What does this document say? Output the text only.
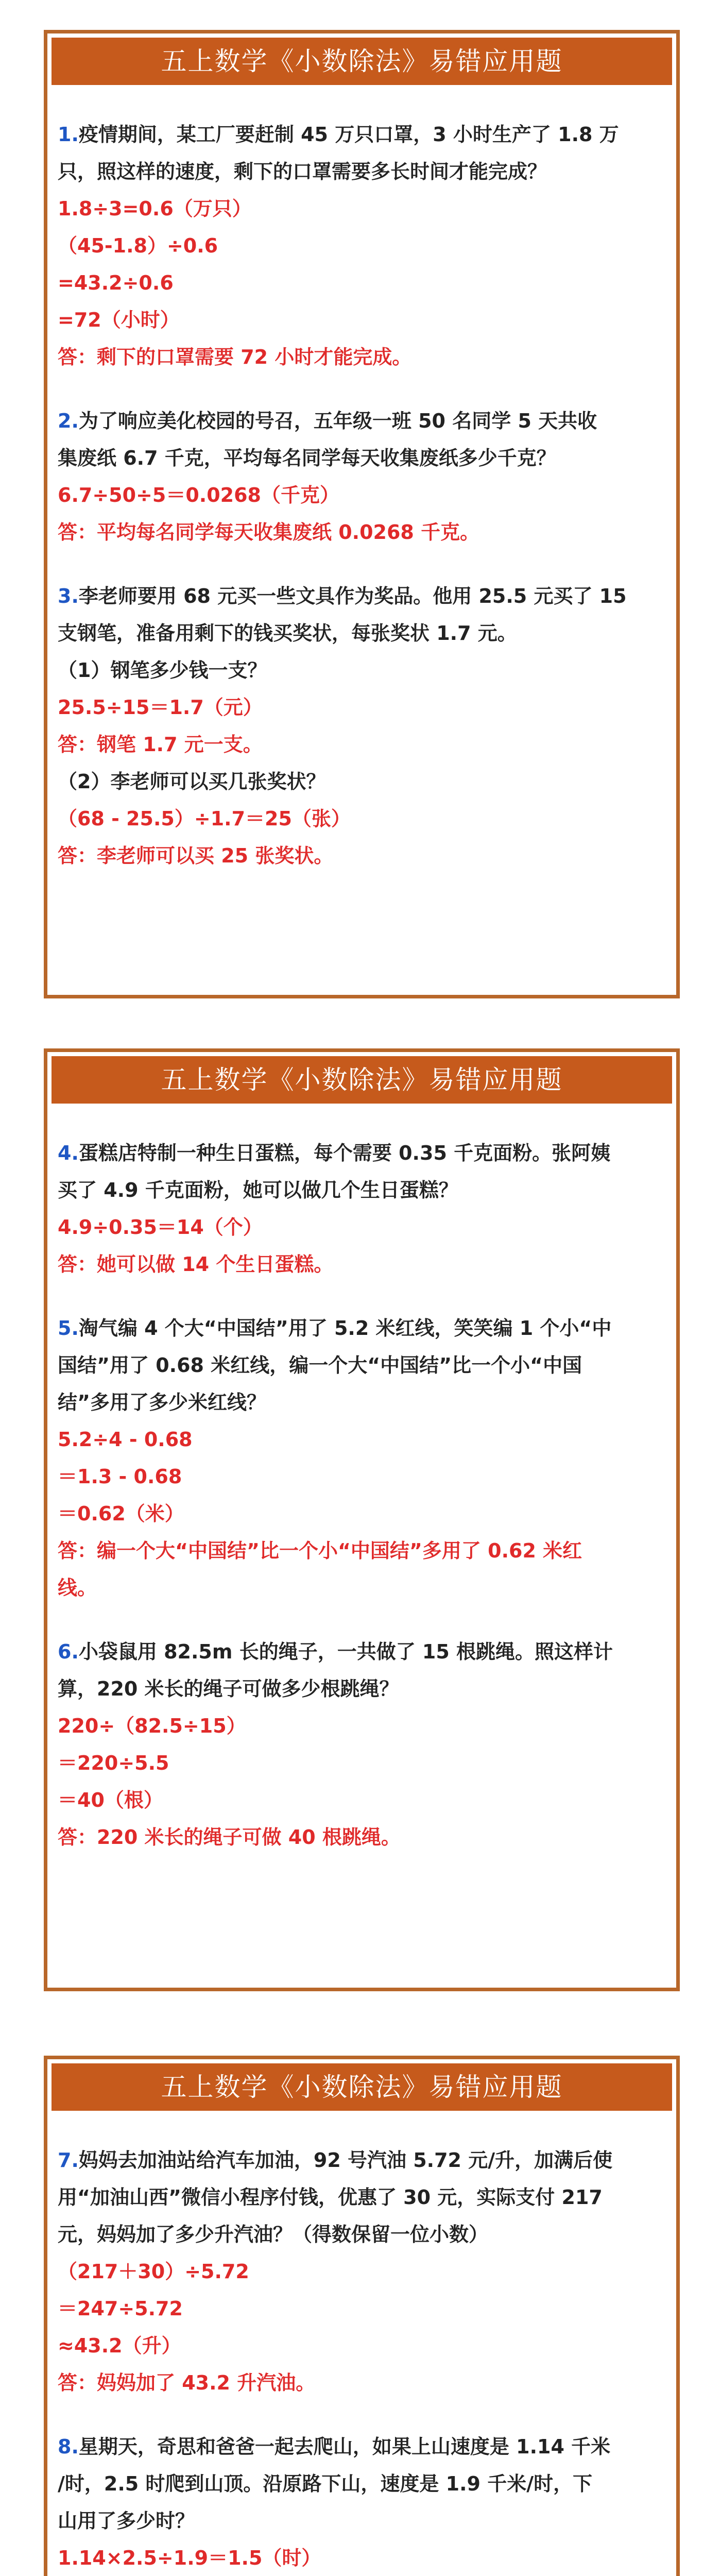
五上数学《小数除法》易错应用题
1.疫情期间，某工厂要赶制 45 万只口罩，3 小时生产了 1.8 万
只，照这样的速度，剩下的口罩需要多长时间才能完成？
1.8÷3=0.6（万只）
（45-1.8）÷0.6
=43.2÷0.6
=72（小时）
答：剩下的口罩需要 72 小时才能完成。
2.为了响应美化校园的号召，五年级一班 50 名同学 5 天共收
集废纸 6.7 千克，平均每名同学每天收集废纸多少千克？
6.7÷50÷5＝0.0268（千克）
答：平均每名同学每天收集废纸 0.0268 千克。
3.李老师要用 68 元买一些文具作为奖品。他用 25.5 元买了 15
支钢笔，准备用剩下的钱买奖状，每张奖状 1.7 元。
（1）钢笔多少钱一支？
25.5÷15＝1.7（元）
答：钢笔 1.7 元一支。
（2）李老师可以买几张奖状？
（68 - 25.5）÷1.7＝25（张）
答：李老师可以买 25 张奖状。
五上数学《小数除法》易错应用题
4.蛋糕店特制一种生日蛋糕，每个需要 0.35 千克面粉。张阿姨
买了 4.9 千克面粉，她可以做几个生日蛋糕？
4.9÷0.35＝14（个）
答：她可以做 14 个生日蛋糕。
5.淘气编 4 个大“中国结”用了 5.2 米红线，笑笑编 1 个小“中
国结”用了 0.68 米红线，编一个大“中国结”比一个小“中国
结”多用了多少米红线？
5.2÷4 - 0.68
＝1.3 - 0.68
＝0.62（米）
答：编一个大“中国结”比一个小“中国结”多用了 0.62 米红
线。
6.小袋鼠用 82.5m 长的绳子，一共做了 15 根跳绳。照这样计
算，220 米长的绳子可做多少根跳绳？
220÷（82.5÷15）
＝220÷5.5
＝40（根）
答：220 米长的绳子可做 40 根跳绳。
五上数学《小数除法》易错应用题
7.妈妈去加油站给汽车加油，92 号汽油 5.72 元/升，加满后使
用“加油山西”微信小程序付钱，优惠了 30 元，实际支付 217
元，妈妈加了多少升汽油？（得数保留一位小数）
（217＋30）÷5.72
＝247÷5.72
≈43.2（升）
答：妈妈加了 43.2 升汽油。
8.星期天，奇思和爸爸一起去爬山，如果上山速度是 1.14 千米
/时，2.5 时爬到山顶。沿原路下山，速度是 1.9 千米/时，下
山用了多少时？
1.14×2.5÷1.9＝1.5（时）
